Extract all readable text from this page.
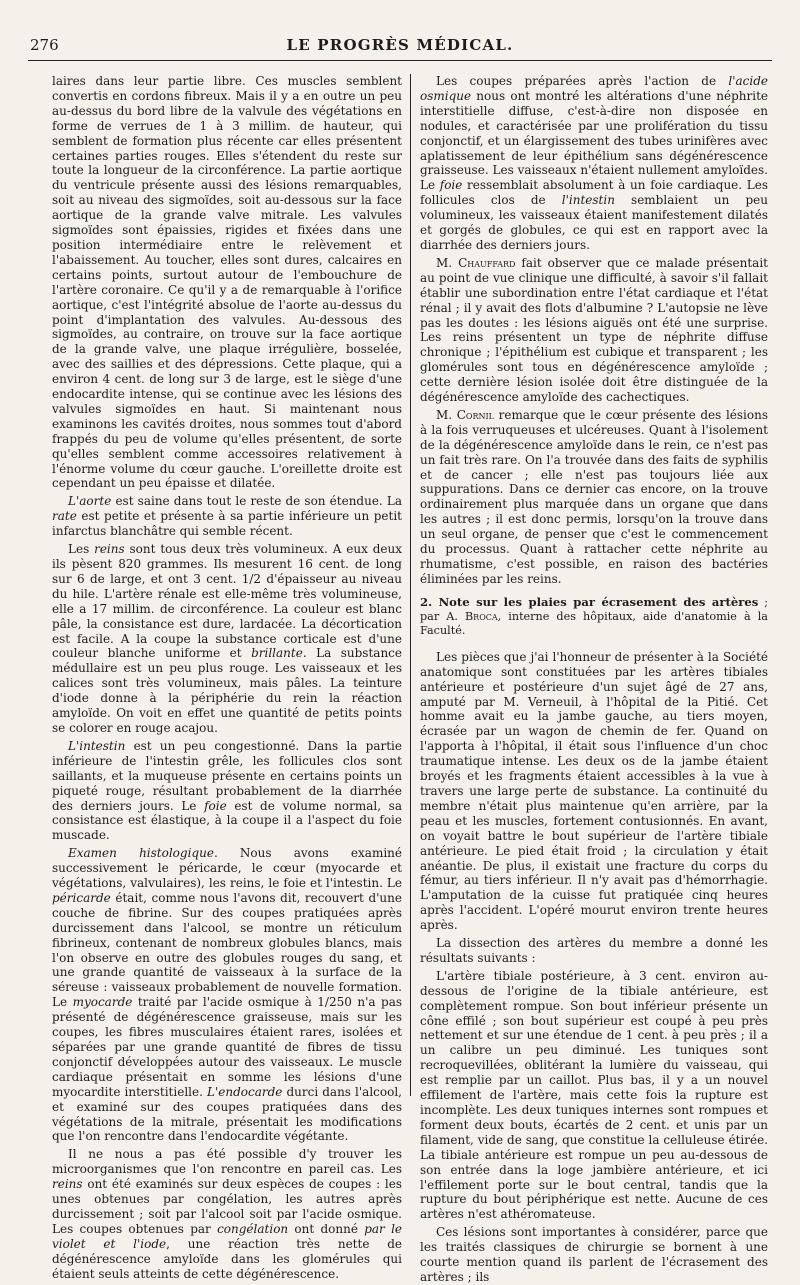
276	LE PROGRÈS MÉDICAL.

laires dans leur partie libre. Ces muscles semblent convertis en cordons fibreux. Mais il y a en outre un peu au-dessus du bord libre de la valvule des végétations en forme de verrues de 1 à 3 millim. de hauteur, qui semblent de formation plus récente car elles présentent certaines parties rouges. Elles s'étendent du reste sur toute la longueur de la circonférence. La partie aortique du ventricule présente aussi des lésions remarquables, soit au niveau des sigmoïdes, soit au-dessous sur la face aortique de la grande valve mitrale. Les valvules sigmoïdes sont épaissies, rigides et fixées dans une position intermédiaire entre le relèvement et l'abaissement. Au toucher, elles sont dures, calcaires en certains points, surtout autour de l'embouchure de l'artère coronaire. Ce qu'il y a de remarquable à l'orifice aortique, c'est l'intégrité absolue de l'aorte au-dessus du point d'implantation des valvules. Au-dessous des sigmoïdes, au contraire, on trouve sur la face aortique de la grande valve, une plaque irrégulière, bosselée, avec des saillies et des dépressions. Cette plaque, qui a environ 4 cent. de long sur 3 de large, est le siège d'une endocardite intense, qui se continue avec les lésions des valvules sigmoïdes en haut. Si maintenant nous examinons les cavités droites, nous sommes tout d'abord frappés du peu de volume qu'elles présentent, de sorte qu'elles semblent comme accessoires relativement à l'énorme volume du cœur gauche. L'oreillette droite est cependant un peu épaisse et dilatée.

L'aorte est saine dans tout le reste de son étendue. La rate est petite et présente à sa partie inférieure un petit infarctus blanchâtre qui semble récent.

Les reins sont tous deux très volumineux. A eux deux ils pèsent 820 grammes. Ils mesurent 16 cent. de long sur 6 de large, et ont 3 cent. 1/2 d'épaisseur au niveau du hile. L'artère rénale est elle-même très volumineuse, elle a 17 millim. de circonférence. La couleur est blanc pâle, la consistance est dure, lardacée. La décortication est facile. A la coupe la substance corticale est d'une couleur blanche uniforme et brillante. La substance médullaire est un peu plus rouge. Les vaisseaux et les calices sont très volumineux, mais pâles. La teinture d'iode donne à la périphérie du rein la réaction amyloïde. On voit en effet une quantité de petits points se colorer en rouge acajou.

L'intestin est un peu congestionné. Dans la partie inférieure de l'intestin grêle, les follicules clos sont saillants, et la muqueuse présente en certains points un piqueté rouge, résultant probablement de la diarrhée des derniers jours. Le foie est de volume normal, sa consistance est élastique, à la coupe il a l'aspect du foie muscade.

Examen histologique. Nous avons examiné successivement le péricarde, le cœur (myocarde et végétations, valvulaires), les reins, le foie et l'intestin. Le péricarde était, comme nous l'avons dit, recouvert d'une couche de fibrine. Sur des coupes pratiquées après durcissement dans l'alcool, se montre un réticulum fibrineux, contenant de nombreux globules blancs, mais l'on observe en outre des globules rouges du sang, et une grande quantité de vaisseaux à la surface de la séreuse : vaisseaux probablement de nouvelle formation. Le myocarde traité par l'acide osmique à 1/250 n'a pas présenté de dégénérescence graisseuse, mais sur les coupes, les fibres musculaires étaient rares, isolées et séparées par une grande quantité de fibres de tissu conjonctif développées autour des vaisseaux. Le muscle cardiaque présentait en somme les lésions d'une myocardite interstitielle. L'endocarde durci dans l'alcool, et examiné sur des coupes pratiquées dans des végétations de la mitrale, présentait les modifications que l'on rencontre dans l'endocardite végétante.

Il ne nous a pas été possible d'y trouver les microorganismes que l'on rencontre en pareil cas. Les reins ont été examinés sur deux espèces de coupes : les unes obtenues par congélation, les autres après durcissement ; soit par l'alcool soit par l'acide osmique. Les coupes obtenues par congélation ont donné par le violet et l'iode, une réaction très nette de dégénérescence amyloïde dans les glomérules qui étaient seuls atteints de cette dégénérescence.

Les coupes préparées après l'action de l'acide osmique nous ont montré les altérations d'une néphrite interstitielle diffuse, c'est-à-dire non disposée en nodules, et caractérisée par une prolifération du tissu conjonctif, et un élargissement des tubes urinifères avec aplatissement de leur épithélium sans dégénérescence graisseuse. Les vaisseaux n'étaient nullement amyloïdes. Le foie ressemblait absolument à un foie cardiaque. Les follicules clos de l'intestin semblaient un peu volumineux, les vaisseaux étaient manifestement dilatés et gorgés de globules, ce qui est en rapport avec la diarrhée des derniers jours.

M. Chauffard fait observer que ce malade présentait au point de vue clinique une difficulté, à savoir s'il fallait établir une subordination entre l'état cardiaque et l'état rénal ; il y avait des flots d'albumine ? L'autopsie ne lève pas les doutes : les lésions aiguës ont été une surprise. Les reins présentent un type de néphrite diffuse chronique ; l'épithélium est cubique et transparent ; les glomérules sont tous en dégénérescence amyloïde ; cette dernière lésion isolée doit être distinguée de la dégénérescence amyloïde des cachectiques.

M. Cornil remarque que le cœur présente des lésions à la fois verruqueuses et ulcéreuses. Quant à l'isolement de la dégénérescence amyloïde dans le rein, ce n'est pas un fait très rare. On l'a trouvée dans des faits de syphilis et de cancer ; elle n'est pas toujours liée aux suppurations. Dans ce dernier cas encore, on la trouve ordinairement plus marquée dans un organe que dans les autres ; il est donc permis, lorsqu'on la trouve dans un seul organe, de penser que c'est le commencement du processus. Quant à rattacher cette néphrite au rhumatisme, c'est possible, en raison des bactéries éliminées par les reins.

2. Note sur les plaies par écrasement des artères ; par A. Broca, interne des hôpitaux, aide d'anatomie à la Faculté.

Les pièces que j'ai l'honneur de présenter à la Société anatomique sont constituées par les artères tibiales antérieure et postérieure d'un sujet âgé de 27 ans, amputé par M. Verneuil, à l'hôpital de la Pitié. Cet homme avait eu la jambe gauche, au tiers moyen, écrasée par un wagon de chemin de fer. Quand on l'apporta à l'hôpital, il était sous l'influence d'un choc traumatique intense. Les deux os de la jambe étaient broyés et les fragments étaient accessibles à la vue à travers une large perte de substance. La continuité du membre n'était plus maintenue qu'en arrière, par la peau et les muscles, fortement contusionnés. En avant, on voyait battre le bout supérieur de l'artère tibiale antérieure. Le pied était froid ; la circulation y était anéantie. De plus, il existait une fracture du corps du fémur, au tiers inférieur. Il n'y avait pas d'hémorrhagie. L'amputation de la cuisse fut pratiquée cinq heures après l'accident. L'opéré mourut environ trente heures après.

La dissection des artères du membre a donné les résultats suivants :

L'artère tibiale postérieure, à 3 cent. environ au-dessous de l'origine de la tibiale antérieure, est complètement rompue. Son bout inférieur présente un cône effilé ; son bout supérieur est coupé à peu près nettement et sur une étendue de 1 cent. à peu près ; il a un calibre un peu diminué. Les tuniques sont recroquevillées, oblitérant la lumière du vaisseau, qui est remplie par un caillot. Plus bas, il y a un nouvel effilement de l'artère, mais cette fois la rupture est incomplète. Les deux tuniques internes sont rompues et forment deux bouts, écartés de 2 cent. et unis par un filament, vide de sang, que constitue la celluleuse étirée. La tibiale antérieure est rompue un peu au-dessous de son entrée dans la loge jambière antérieure, et ici l'effilement porte sur le bout central, tandis que la rupture du bout périphérique est nette. Aucune de ces artères n'est athéromateuse.

Ces lésions sont importantes à considérer, parce que les traités classiques de chirurgie se bornent à une courte mention quand ils parlent de l'écrasement des artères ; ils
